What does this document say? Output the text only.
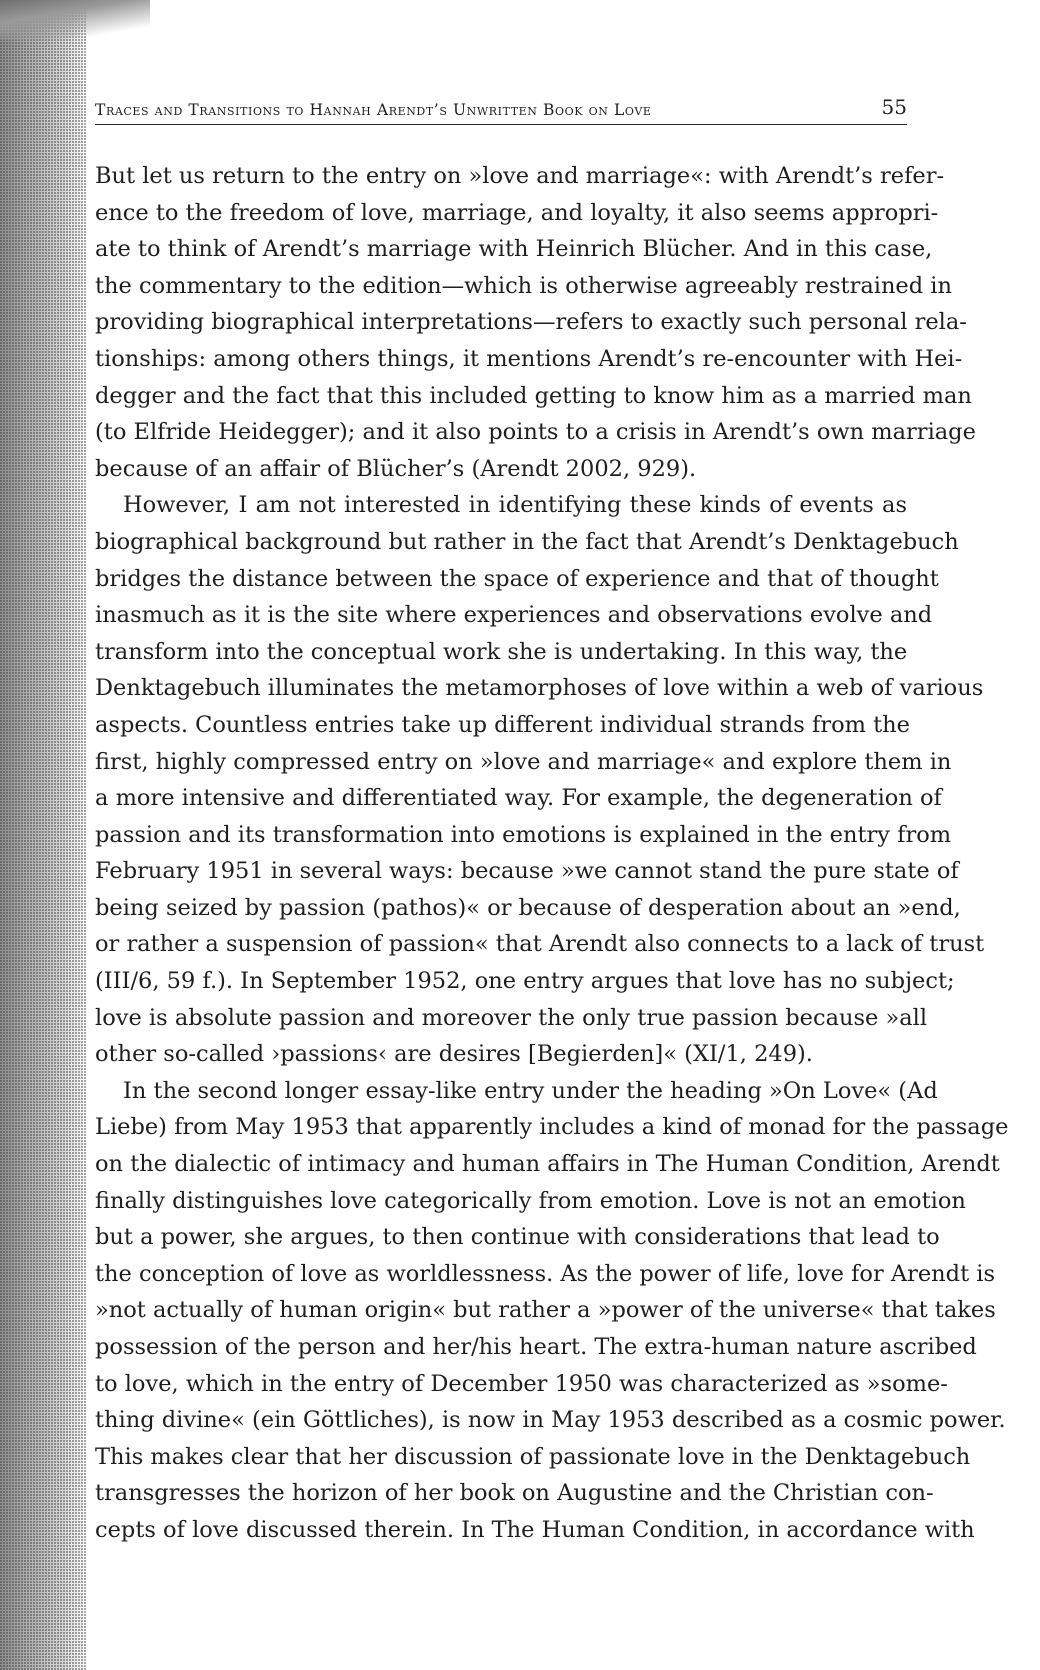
Traces and Transitions to Hannah Arendt’s Unwritten Book on Love	55
But let us return to the entry on »love and marriage«: with Arendt’s refer-
ence to the freedom of love, marriage, and loyalty, it also seems appropri-
ate to think of Arendt’s marriage with Heinrich Blücher. And in this case,
the commentary to the edition—which is otherwise agreeably restrained in
providing biographical interpretations—refers to exactly such personal rela-
tionships: among others things, it mentions Arendt’s re-encounter with Hei-
degger and the fact that this included getting to know him as a married man
(to Elfride Heidegger); and it also points to a crisis in Arendt’s own marriage
because of an affair of Blücher’s (Arendt 2002, 929).
However, I am not interested in identifying these kinds of events as
biographical background but rather in the fact that Arendt’s Denktagebuch
bridges the distance between the space of experience and that of thought
inasmuch as it is the site where experiences and observations evolve and
transform into the conceptual work she is undertaking. In this way, the
Denktagebuch illuminates the metamorphoses of love within a web of various
aspects. Countless entries take up different individual strands from the
first, highly compressed entry on »love and marriage« and explore them in
a more intensive and differentiated way. For example, the degeneration of
passion and its transformation into emotions is explained in the entry from
February 1951 in several ways: because »we cannot stand the pure state of
being seized by passion (pathos)« or because of desperation about an »end,
or rather a suspension of passion« that Arendt also connects to a lack of trust
(III/6, 59 f.). In September 1952, one entry argues that love has no subject;
love is absolute passion and moreover the only true passion because »all
other so-called ›passions‹ are desires [Begierden]« (XI/1, 249).
In the second longer essay-like entry under the heading »On Love« (Ad
Liebe) from May 1953 that apparently includes a kind of monad for the passage
on the dialectic of intimacy and human affairs in The Human Condition, Arendt
finally distinguishes love categorically from emotion. Love is not an emotion
but a power, she argues, to then continue with considerations that lead to
the conception of love as worldlessness. As the power of life, love for Arendt is
»not actually of human origin« but rather a »power of the universe« that takes
possession of the person and her/his heart. The extra-human nature ascribed
to love, which in the entry of December 1950 was characterized as »some-
thing divine« (ein Göttliches), is now in May 1953 described as a cosmic power.
This makes clear that her discussion of passionate love in the Denktagebuch
transgresses the horizon of her book on Augustine and the Christian con-
cepts of love discussed therein. In The Human Condition, in accordance with
